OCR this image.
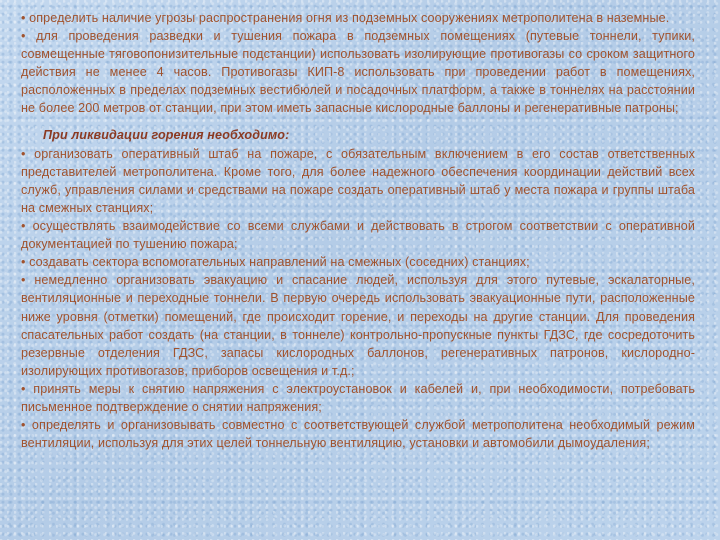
• определить наличие угрозы распространения огня из подземных сооружениях метрополитена в наземные.

• для проведения разведки и тушения пожара в подземных помещениях (путевые тоннели, тупики, совмещенные тяговопонизительные подстанции) использовать изолирующие противогазы со сроком защитного действия не менее 4 часов. Противогазы КИП-8 использовать при проведении работ в помещениях, расположенных в пределах подземных вестибюлей и посадочных платформ, а также в тоннелях на расстоянии не более 200 метров от станции, при этом иметь запасные кислородные баллоны и регенеративные патроны;

При ликвидации горения необходимо:

• организовать оперативный штаб на пожаре, с обязательным включением в его состав ответственных представителей метрополитена. Кроме того, для более надежного обеспечения координации действий всех служб, управления силами и средствами на пожаре создать оперативный штаб у места пожара и группы штаба на смежных станциях;

• осуществлять взаимодействие со всеми службами и действовать в строгом соответствии с оперативной документацией по тушению пожара;

• создавать сектора вспомогательных направлений на смежных (соседних) станциях;

• немедленно организовать эвакуацию и спасание людей, используя для этого путевые, эскалаторные, вентиляционные и переходные тоннели. В первую очередь использовать эвакуационные пути, расположенные ниже уровня (отметки) помещений, где происходит горение, и переходы на другие станции. Для проведения спасательных работ создать (на станции, в тоннеле) контрольно-пропускные пункты ГДЗС, где сосредоточить резервные отделения ГДЗС, запасы кислородных баллонов, регенеративных патронов, кислородно-изолирующих противогазов, приборов освещения и т.д.;

• принять меры к снятию напряжения с электроустановок и кабелей и, при необходимости, потребовать письменное подтверждение о снятии напряжения;

• определять и организовывать совместно с соответствующей службой метрополитена необходимый режим вентиляции, используя для этих целей тоннельную вентиляцию, установки и автомобили дымоудаления;
